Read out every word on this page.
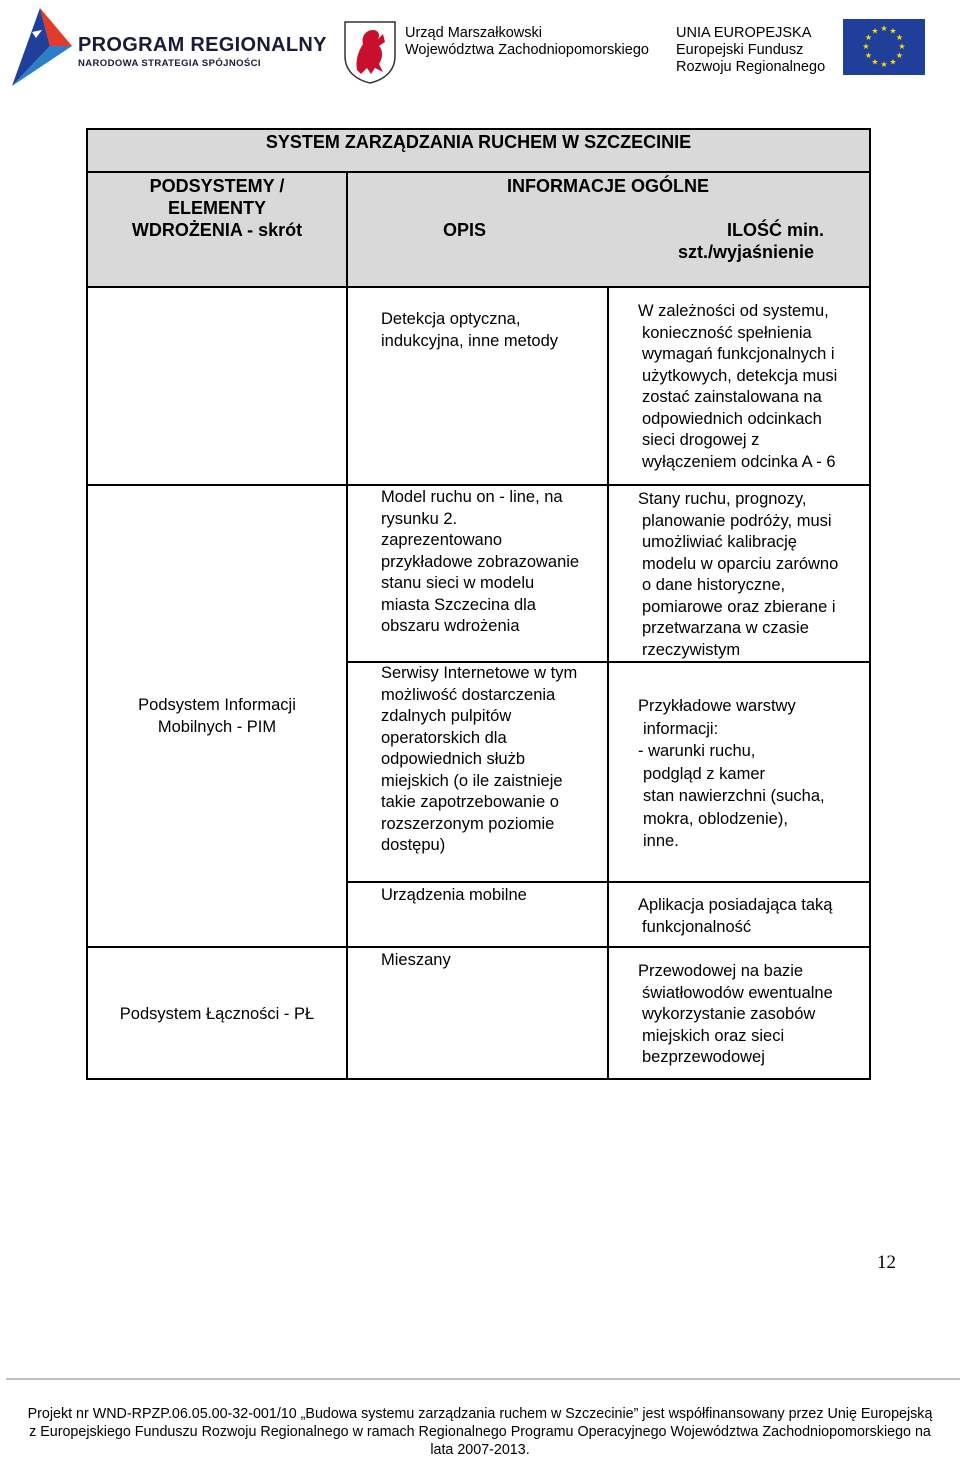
PROGRAM REGIONALNY
NARODOWA STRATEGIA SPÓJNOŚCI
Urząd Marszałkowski
Województwa Zachodniopomorskiego
UNIA EUROPEJSKA
Europejski Fundusz
Rozwoju Regionalnego
★ ★
★
★
★
★
★
★
★
★
★
★
SYSTEM ZARZĄDZANIA RUCHEM W SZCZECINIE
PODSYSTEMY /
ELEMENTY
WDROŻENIA - skrót
INFORMACJE OGÓLNE
OPIS	ILOŚĆ min.
szt./wyjaśnienie
Detekcja optyczna,
indukcyjna, inne metody
W zależności od systemu,
konieczność spełnienia
wymagań funkcjonalnych i
użytkowych, detekcja musi
zostać zainstalowana na
odpowiednich odcinkach
sieci drogowej z
wyłączeniem odcinka A - 6
Podsystem Informacji
Mobilnych - PIM
Model ruchu on - line, na
rysunku 2.
zaprezentowano
przykładowe zobrazowanie
stanu sieci w modelu
miasta Szczecina dla
obszaru wdrożenia
Stany ruchu, prognozy,
planowanie podróży, musi
umożliwiać kalibrację
modelu w oparciu zarówno
o dane historyczne,
pomiarowe oraz zbierane i
przetwarzana w czasie
rzeczywistym
Serwisy Internetowe w tym
możliwość dostarczenia
zdalnych pulpitów
operatorskich dla
odpowiednich służb
miejskich (o ile zaistnieje
takie zapotrzebowanie o
rozszerzonym poziomie
dostępu)
Przykładowe warstwy
informacji:
- warunki ruchu,
podgląd z kamer
stan nawierzchni (sucha,
mokra, oblodzenie),
inne.
Urządzenia mobilne
Aplikacja posiadająca taką
funkcjonalność
Podsystem Łączności - PŁ
Mieszany
Przewodowej na bazie
światłowodów ewentualne
wykorzystanie zasobów
miejskich oraz sieci
bezprzewodowej
12
Projekt nr WND-RPZP.06.05.00-32-001/10 „Budowa systemu zarządzania ruchem w Szczecinie” jest współfinansowany przez Unię Europejską
z Europejskiego Funduszu Rozwoju Regionalnego w ramach Regionalnego Programu Operacyjnego Województwa Zachodniopomorskiego na
lata 2007-2013.
